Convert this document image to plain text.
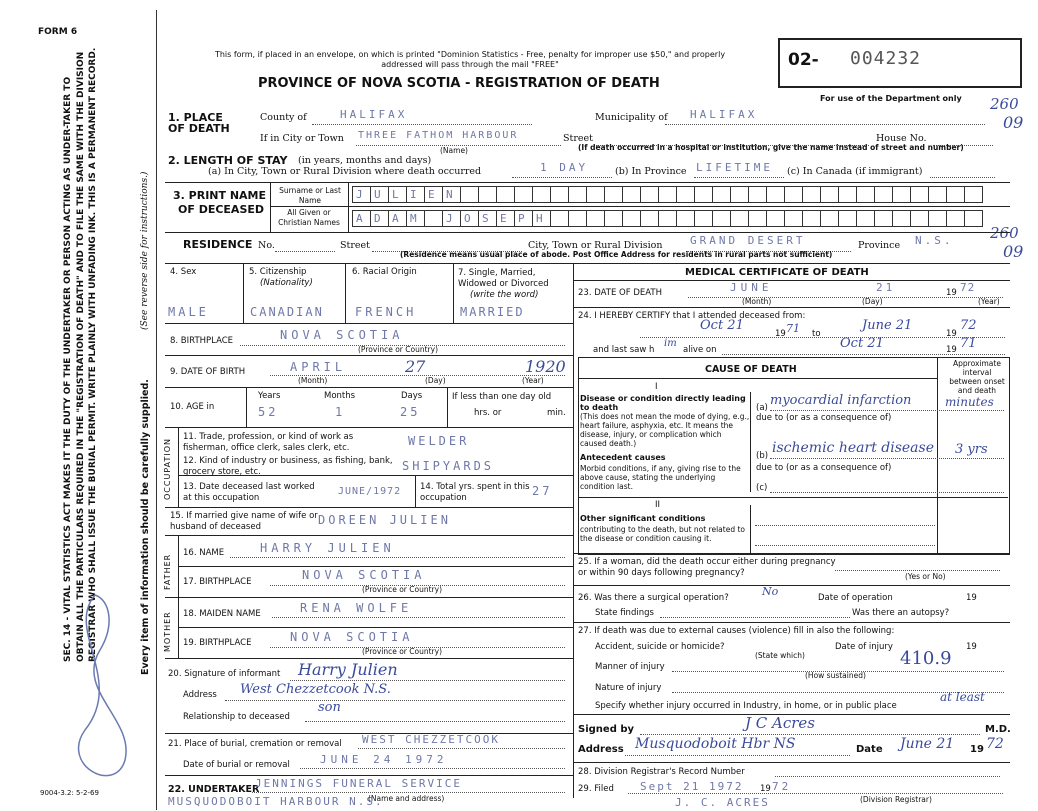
FORM 6
SEC. 14 - VITAL STATISTICS ACT MAKES IT THE DUTY OF THE UNDERTAKER OR PERSON ACTING AS UNDER-TAKER TO OBTAIN ALL THE PARTICULARS REQUIRED IN THE "REGISTRATION OF DEATH" AND TO FILE THE SAME WITH THE DIVISION REGISTRAR WHO SHALL ISSUE THE BURIAL PERMIT. WRITE PLAINLY WITH UNFADING INK. THIS IS A PERMANENT RECORD.	Every item of information should be carefully supplied.
(See reverse side for instructions.)
9004-3.2: 5-2-69
This form, if placed in an envelope, on which is printed "Dominion Statistics - Free, penalty for improper use $50," and properly addressed will pass through the mail "FREE"
PROVINCE OF NOVA SCOTIA - REGISTRATION OF DEATH
02- 004232
For use of the Department only 260
09
260
09
1. PLACE OF DEATH
County of	HALIFAX	Municipality of HALIFAX
If in City or Town THREE FATHOM HARBOUR	Street	House No.
(Name)	(If death occurred in a hospital or institution, give the name instead of street and number)
2. LENGTH OF STAY (in years, months and days)
(a) In City, Town or Rural Division where death occurred	1 DAY	(b) In Province LIFETIME (c) In Canada (if immigrant)
3. PRINT NAME
OF DECEASED
Surname or Last Name
All Given or Christian Names
J U L I E N
A D A M	J O S E P H
RESIDENCE No.	Street	City, Town or Rural Division	GRAND DESERT	Province N.S.
(Residence means usual place of abode. Post Office Address for residents in rural parts not sufficient)
4. Sex	5. Citizenship
(Nationality)
6. Racial Origin	7. Single, Married, Widowed or Divorced
(write the word)
MALE	CANADIAN	FRENCH	MARRIED
8. BIRTHPLACE	NOVA SCOTIA
(Province or Country)
9. DATE OF BIRTH	APRIL	27	1920
(Month)	(Day)	(Year)
10. AGE in
Years	Months	Days
52	1	25
If less than one day old
hrs. or	min.
OCCUPATION
11. Trade, profession, or kind of work as fisherman, office clerk, sales clerk, etc.	WELDER
12. Kind of industry or business, as fishing, bank, grocery store, etc.	SHIPYARDS
13. Date deceased last worked at this occupation
JUNE/1972 14. Total yrs. spent in this occupation	27
15. If married give name of wife or husband of deceased	DOREEN JULIEN
FATHER
16. NAME	HARRY JULIEN
17. BIRTHPLACE	NOVA SCOTIA
(Province or Country)
MOTHER 18. MAIDEN NAME	RENA WOLFE
19. BIRTHPLACE	NOVA SCOTIA
(Province or Country)
20. Signature of informant Harry Julien
Address West Chezzetcook N.S.
son
Relationship to deceased
21. Place of burial, cremation or removal WEST CHEZZETCOOK
Date of burial or removal	JUNE 24 1972
22. UNDERTAKER
JENNINGS FUNERAL SERVICE
MUSQUODOBOIT HARBOUR N.S.
(Name and address)
MEDICAL CERTIFICATE OF DEATH
23. DATE OF DEATH	JUNE	21	19 72
(Month)	(Day)	(Year)
24. I HEREBY CERTIFY that I attended deceased from:
Oct 21
19 71 to
June 21
19
72
and last saw h
im
alive on	Oct 21	19 71
CAUSE OF DEATH
Approximate interval between onset and death
I
Disease or condition directly leading to death
(This does not mean the mode of dying, e.g., heart failure, asphyxia, etc. It means the disease, injury, or complication which caused death.)
(a) myocardial infarction	minutes
due to (or as a consequence of)
Antecedent causes
Morbid conditions, if any, giving rise to the above cause, stating the underlying condition last.
(b) ischemic heart disease 3 yrs
due to (or as a consequence of)
(c)
II
Other significant conditions
contributing to the death, but not related to the disease or condition causing it.
25. If a woman, did the death occur either during pregnancy or within 90 days following pregnancy?	(Yes or No)
26. Was there a surgical operation?	No	Date of operation	19
State findings	Was there an autopsy?
27. If death was due to external causes (violence) fill in also the following:
Accident, suicide or homicide?	Date of injury	19
(State which)
Manner of injury	410.9
(How sustained)
Nature of injury
Specify whether injury occurred in Industry, in home, or in public place
at least
Signed by	J C Acres	M.D.
Address Musquodoboit Hbr NS	Date June 21 19 72
28. Division Registrar's Record Number
29. Filed Sept 21 1972 19 72
J. C. ACRES	(Division Registrar)
